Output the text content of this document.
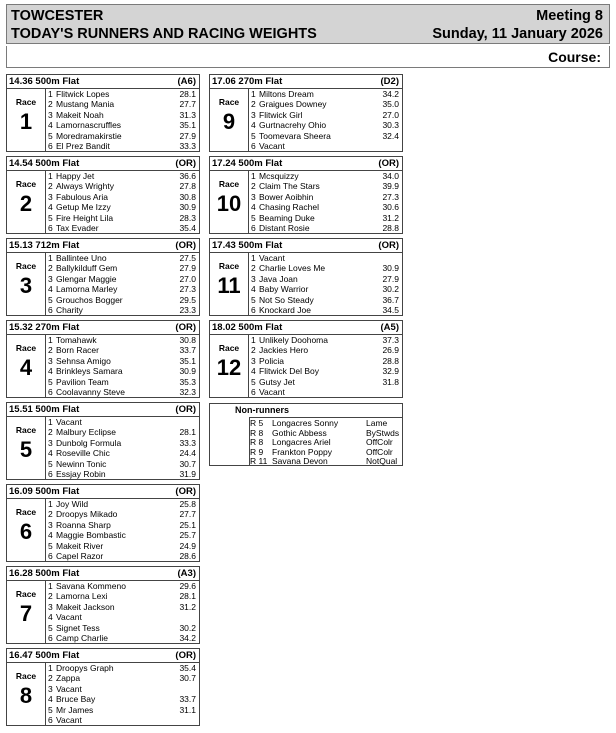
TOWCESTER
TODAY'S RUNNERS AND RACING WEIGHTS
Meeting 8
Sunday, 11 January 2026
Course:
14.36 500m Flat	(A6)
Race
1
1 Flitwick Lopes	28.1
2 Mustang Mania	27.7
3 Makeit Noah	31.3
4 Lamornascruffles	35.1
5 Moredramakirstie	27.9
6 El Prez Bandit	33.3
14.54 500m Flat	(OR)
Race
2
1 Happy Jet	36.6
2 Always Wrighty	27.8
3 Fabulous Aria	30.8
4 Getup Me Izzy	30.9
5 Fire Height Lila	28.3
6 Tax Evader	35.4
15.13 712m Flat	(OR)
Race
3
1 Ballintee Uno	27.5
2 Ballykilduff Gem	27.9
3 Glengar Maggie	27.0
4 Lamorna Marley	27.3
5 Grouchos Bogger	29.5
6 Charity	23.3
15.32 270m Flat	(OR)
Race
4
1 Tomahawk	30.8
2 Born Racer	33.7
3 Sehnsa Amigo	35.1
4 Brinkleys Samara	30.9
5 Pavilion Team	35.3
6 Coolavanny Steve	32.3
15.51 500m Flat	(OR)
Race
5
1 Vacant
2 Malbury Eclipse	28.1
3 Dunbolg Formula	33.3
4 Roseville Chic	24.4
5 Newinn Tonic	30.7
6 Essjay Robin	31.9
16.09 500m Flat	(OR)
Race
6
1 Joy Wild	25.8
2 Droopys Mikado	27.7
3 Roanna Sharp	25.1
4 Maggie Bombastic	25.7
5 Makeit River	24.9
6 Capel Razor	28.6
16.28 500m Flat	(A3)
Race
7
1 Savana Kommeno	29.6
2 Lamorna Lexi	28.1
3 Makeit Jackson	31.2
4 Vacant
5 Signet Tess	30.2
6 Camp Charlie	34.2
16.47 500m Flat	(OR)
Race
8
1 Droopys Graph	35.4
2 Zappa	30.7
3 Vacant
4 Bruce Bay	33.7
5 Mr James	31.1
6 Vacant
17.06 270m Flat	(D2)
Race
9
1 Miltons Dream	34.2
2 Graigues Downey	35.0
3 Flitwick Girl	27.0
4 Gurtnacrehy Ohio	30.3
5 Toomevara Sheera	32.4
6 Vacant
17.24 500m Flat	(OR)
Race
10
1 Mcsquizzy	34.0
2 Claim The Stars	39.9
3 Bower Aoibhin	27.3
4 Chasing Rachel	30.6
5 Beaming Duke	31.2
6 Distant Rosie	28.8
17.43 500m Flat	(OR)
Race
11
1 Vacant
2 Charlie Loves Me	30.9
3 Java Joan	27.9
4 Baby Warrior	30.2
5 Not So Steady	36.7
6 Knockard Joe	34.5
18.02 500m Flat	(A5)
Race
12
1 Unlikely Doohoma	37.3
2 Jackies Hero	26.9
3 Policia	28.8
4 Flitwick Del Boy	32.9
5 Gutsy Jet	31.8
6 Vacant
Non-runners
R 5 Longacres Sonny	Lame
R 8 Gothic Abbess	ByStwds
R 8 Longacres Ariel	OffColr
R 9 Frankton Poppy	OffColr
R 11 Savana Devon	NotQual
